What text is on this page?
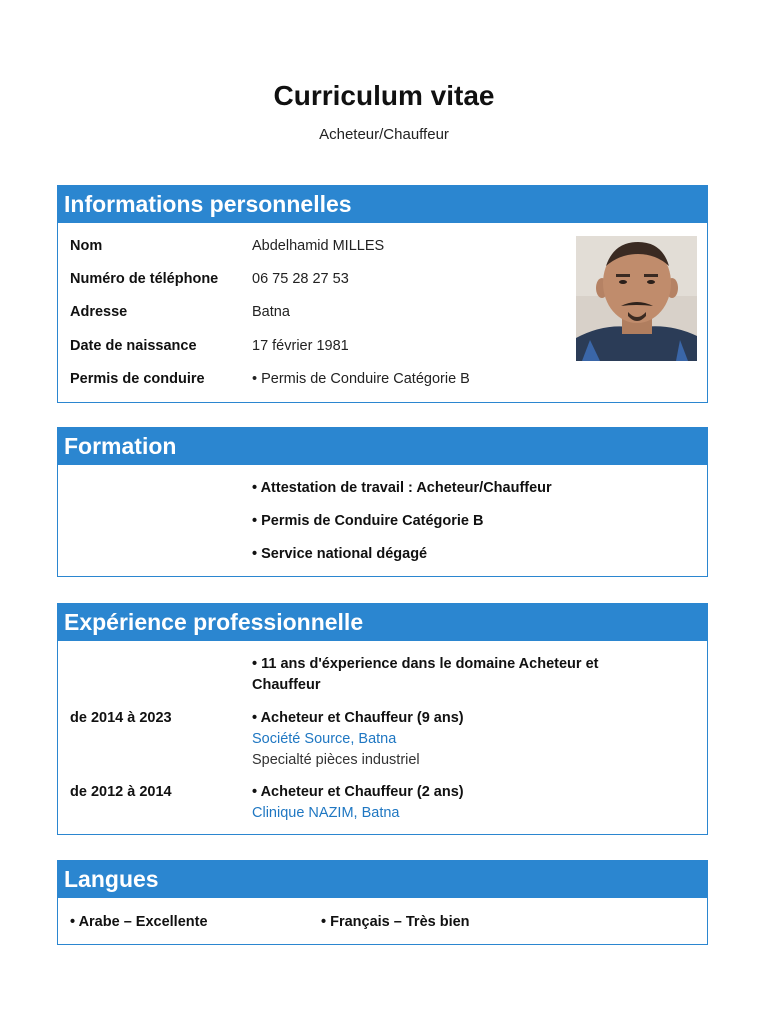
Curriculum vitae
Acheteur/Chauffeur
Informations personnelles
Nom	Abdelhamid MILLES
Numéro de téléphone 06 75 28 27 53
Adresse	Batna
Date de naissance	17 février 1981
Permis de conduire	• Permis de Conduire Catégorie B
Formation
• Attestation de travail : Acheteur/Chauffeur
• Permis de Conduire Catégorie B
• Service national dégagé
Expérience professionnelle
• 11 ans d'éxperience dans le domaine Acheteur et
Chauffeur
de 2014 à 2023	• Acheteur et Chauffeur (9 ans)
Société Source, Batna
Specialté pièces industriel
de 2012 à 2014	• Acheteur et Chauffeur (2 ans)
Clinique NAZIM, Batna
Langues
• Arabe – Excellente	• Français – Très bien
